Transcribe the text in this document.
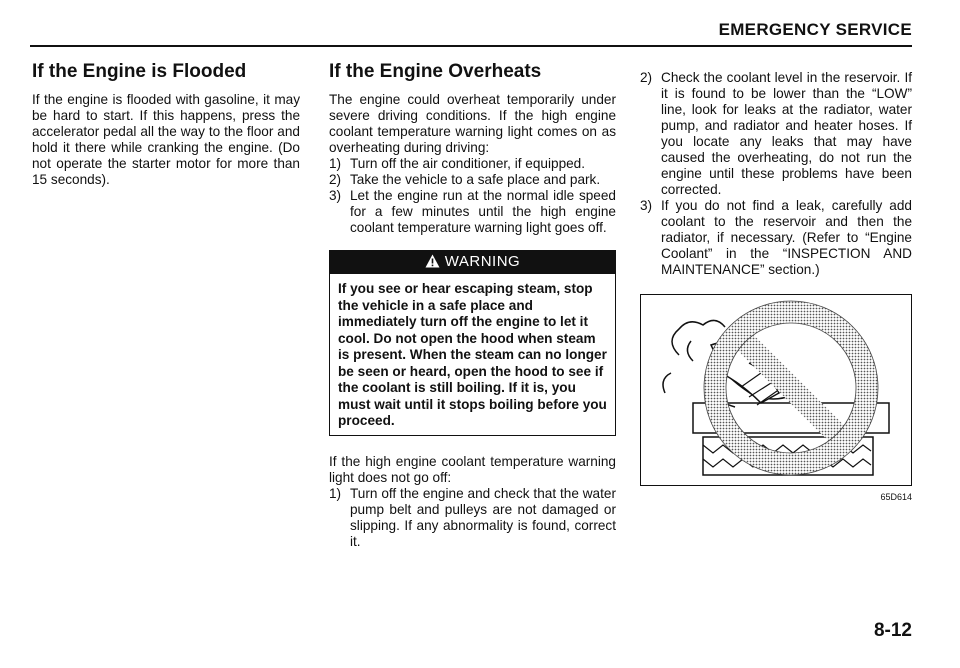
EMERGENCY SERVICE
If the Engine is Flooded

If the engine is flooded with gasoline, it may be hard to start. If this happens, press the accelerator pedal all the way to the floor and hold it there while cranking the engine. (Do not operate the starter motor for more than 15 seconds).

If the Engine Overheats

The engine could overheat temporarily under severe driving conditions. If the high engine coolant temperature warning light comes on as overheating during driving:

1) Turn off the air conditioner, if equipped.
2) Take the vehicle to a safe place and park.
3) Let the engine run at the normal idle speed for a few minutes until the high engine coolant temperature warning light goes off.
WARNING
If you see or hear escaping steam, stop the vehicle in a safe place and immediately turn off the engine to let it cool. Do not open the hood when steam is present. When the steam can no longer be seen or heard, open the hood to see if the coolant is still boiling. If it is, you must wait until it stops boiling before you proceed.

If the high engine coolant temperature warning light does not go off:

1) Turn off the engine and check that the water pump belt and pulleys are not damaged or slipping. If any abnormality is found, correct it.
2) Check the coolant level in the reservoir. If it is found to be lower than the “LOW” line, look for leaks at the radiator, water pump, and radiator and heater hoses. If you locate any leaks that may have caused the overheating, do not run the engine until these problems have been corrected.
3) If you do not find a leak, carefully add coolant to the reservoir and then the radiator, if necessary. (Refer to “Engine Coolant” in the “INSPECTION AND MAINTENANCE” section.)
65D614
8-12
